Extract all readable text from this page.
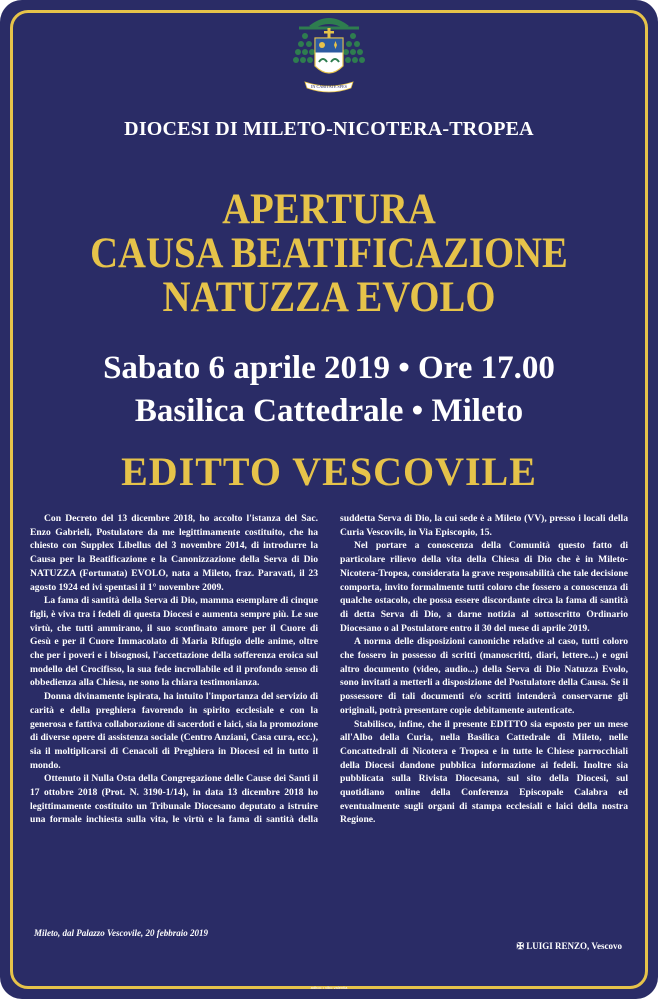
IN CARITATE SPES
DIOCESI DI MILETO-NICOTERA-TROPEA
APERTURA
CAUSA BEATIFICAZIONE
NATUZZA EVOLO
Sabato 6 aprile 2019 • Ore 17.00
Basilica Cattedrale • Mileto
EDITTO VESCOVILE

Con Decreto del 13 dicembre 2018, ho accolto l'istanza del Sac. Enzo Gabrieli, Postulatore da me legittimamente costituito, che ha chiesto con Supplex Libellus del 3 novembre 2014, di introdurre la Causa per la Beatificazione e la Canonizzazione della Serva di Dio NATUZZA (Fortunata) EVOLO, nata a Mileto, fraz. Paravati, il 23 agosto 1924 ed ivi spentasi il 1° novembre 2009.

La fama di santità della Serva di Dio, mamma esemplare di cinque figli, è viva tra i fedeli di questa Diocesi e aumenta sempre più. Le sue virtù, che tutti ammirano, il suo sconfinato amore per il Cuore di Gesù e per il Cuore Immacolato di Maria Rifugio delle anime, oltre che per i poveri e i bisognosi, l'accettazione della sofferenza eroica sul modello del Crocifisso, la sua fede incrollabile ed il profondo senso di obbedienza alla Chiesa, ne sono la chiara testimonianza.

Donna divinamente ispirata, ha intuito l'importanza del servizio di carità e della preghiera favorendo in spirito ecclesiale e con la generosa e fattiva collaborazione di sacerdoti e laici, sia la promozione di diverse opere di assistenza sociale (Centro Anziani, Casa cura, ecc.), sia il moltiplicarsi di Cenacoli di Preghiera in Diocesi ed in tutto il mondo.

Ottenuto il Nulla Osta della Congregazione delle Cause dei Santi il 17 ottobre 2018 (Prot. N. 3190-1/14), in data 13 dicembre 2018 ho legittimamente costituito un Tribunale Diocesano deputato a istruire una formale inchiesta sulla vita, le virtù e la fama di santità della suddetta Serva di Dio, la cui sede è a Mileto (VV), presso i locali della Curia Vescovile, in Via Episcopio, 15.

Nel portare a conoscenza della Comunità questo fatto di particolare rilievo della vita della Chiesa di Dio che è in Mileto-Nicotera-Tropea, considerata la grave responsabilità che tale decisione comporta, invito formalmente tutti coloro che fossero a conoscenza di qualche ostacolo, che possa essere discordante circa la fama di santità di detta Serva di Dio, a darne notizia al sottoscritto Ordinario Diocesano o al Postulatore entro il 30 del mese di aprile 2019.

A norma delle disposizioni canoniche relative al caso, tutti coloro che fossero in possesso di scritti (manoscritti, diari, lettere...) e ogni altro documento (video, audio...) della Serva di Dio Natuzza Evolo, sono invitati a metterli a disposizione del Postulatore della Causa. Se il possessore di tali documenti e/o scritti intenderà conservarne gli originali, potrà presentare copie debitamente autenticate.

Stabilisco, infine, che il presente EDITTO sia esposto per un mese all'Albo della Curia, nella Basilica Cattedrale di Mileto, nelle Concattedrali di Nicotera e Tropea e in tutte le Chiese parrocchiali della Diocesi dandone pubblica informazione ai fedeli. Inoltre sia pubblicata sulla Rivista Diocesana, sul sito della Diocesi, sul quotidiano online della Conferenza Episcopale Calabra ed eventualmente sugli organi di stampa ecclesiali e laici della nostra Regione.

Mileto, dal Palazzo Vescovile, 20 febbraio 2019
✠ LUIGI RENZO, Vescovo
adhoc • vibo valentia
